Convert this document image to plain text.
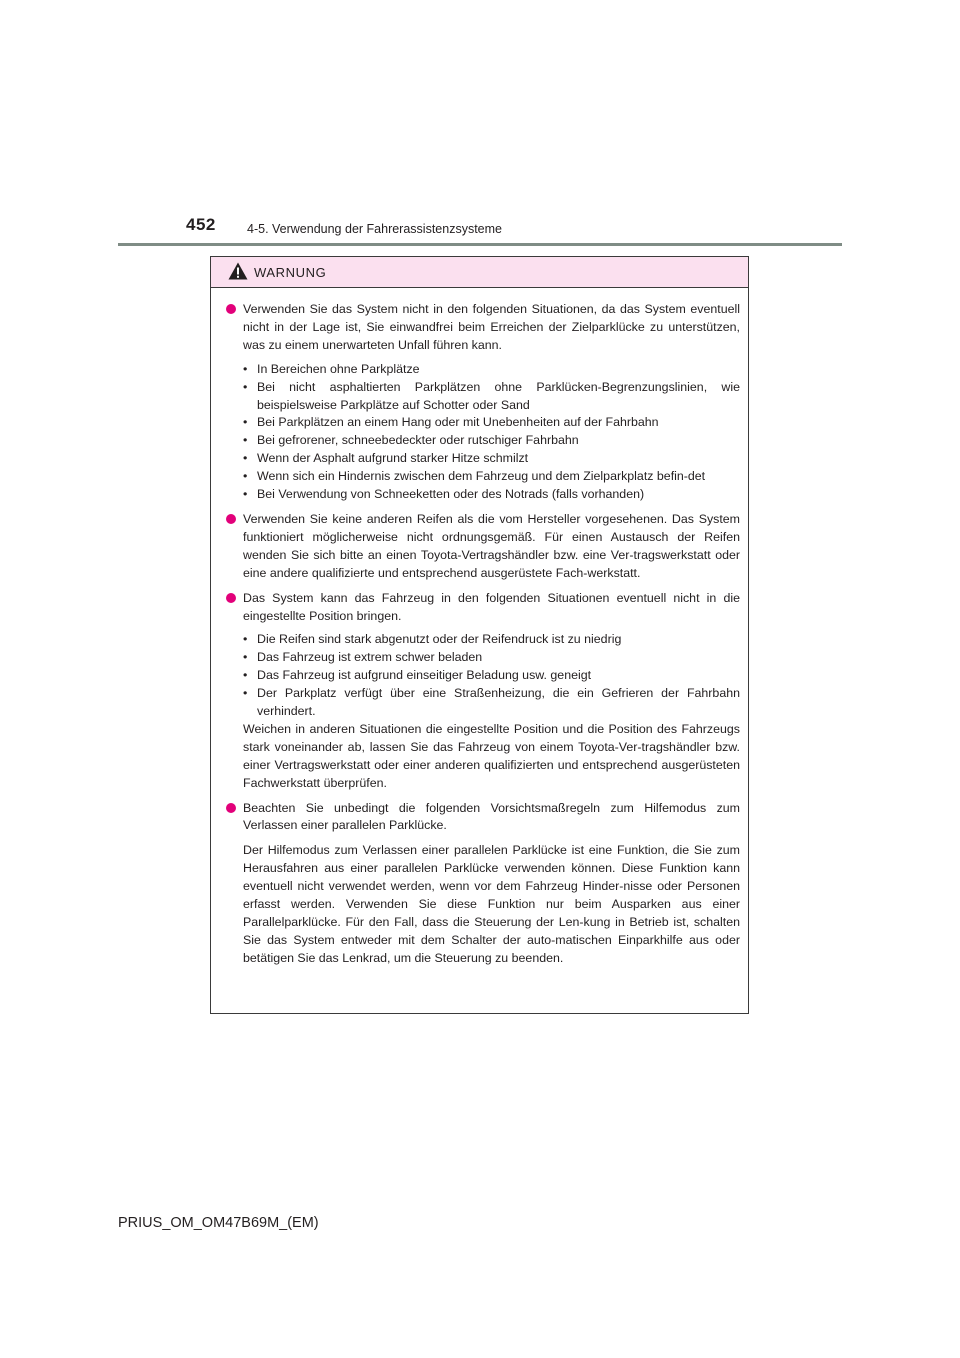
452 4-5. Verwendung der Fahrerassistenzsysteme
WARNUNG

Verwenden Sie das System nicht in den folgenden Situationen, da das System eventuell nicht in der Lage ist, Sie einwandfrei beim Erreichen der Zielparklücke zu unterstützen, was zu einem unerwarteten Unfall führen kann.

• In Bereichen ohne Parkplätze
• Bei nicht asphaltierten Parkplätzen ohne Parklücken-Begrenzungslinien, wie beispielsweise Parkplätze auf Schotter oder Sand
• Bei Parkplätzen an einem Hang oder mit Unebenheiten auf der Fahrbahn
• Bei gefrorener, schneebedeckter oder rutschiger Fahrbahn
• Wenn der Asphalt aufgrund starker Hitze schmilzt
• Wenn sich ein Hindernis zwischen dem Fahrzeug und dem Zielparkplatz befin-det
• Bei Verwendung von Schneeketten oder des Notrads (falls vorhanden)

Verwenden Sie keine anderen Reifen als die vom Hersteller vorgesehenen. Das System funktioniert möglicherweise nicht ordnungsgemäß. Für einen Austausch der Reifen wenden Sie sich bitte an einen Toyota-Vertragshändler bzw. eine Ver-tragswerkstatt oder eine andere qualifizierte und entsprechend ausgerüstete Fach-werkstatt.

Das System kann das Fahrzeug in den folgenden Situationen eventuell nicht in die eingestellte Position bringen.

• Die Reifen sind stark abgenutzt oder der Reifendruck ist zu niedrig
• Das Fahrzeug ist extrem schwer beladen
• Das Fahrzeug ist aufgrund einseitiger Beladung usw. geneigt
• Der Parkplatz verfügt über eine Straßenheizung, die ein Gefrieren der Fahrbahn verhindert.

Weichen in anderen Situationen die eingestellte Position und die Position des Fahrzeugs stark voneinander ab, lassen Sie das Fahrzeug von einem Toyota-Ver-tragshändler bzw. einer Vertragswerkstatt oder einer anderen qualifizierten und entsprechend ausgerüsteten Fachwerkstatt überprüfen.

Beachten Sie unbedingt die folgenden Vorsichtsmaßregeln zum Hilfemodus zum Verlassen einer parallelen Parklücke.

Der Hilfemodus zum Verlassen einer parallelen Parklücke ist eine Funktion, die Sie zum Herausfahren aus einer parallelen Parklücke verwenden können. Diese Funktion kann eventuell nicht verwendet werden, wenn vor dem Fahrzeug Hinder-nisse oder Personen erfasst werden. Verwenden Sie diese Funktion nur beim Ausparken aus einer Parallelparklücke. Für den Fall, dass die Steuerung der Len-kung in Betrieb ist, schalten Sie das System entweder mit dem Schalter der auto-matischen Einparkhilfe aus oder betätigen Sie das Lenkrad, um die Steuerung zu beenden.

PRIUS_OM_OM47B69M_(EM)
